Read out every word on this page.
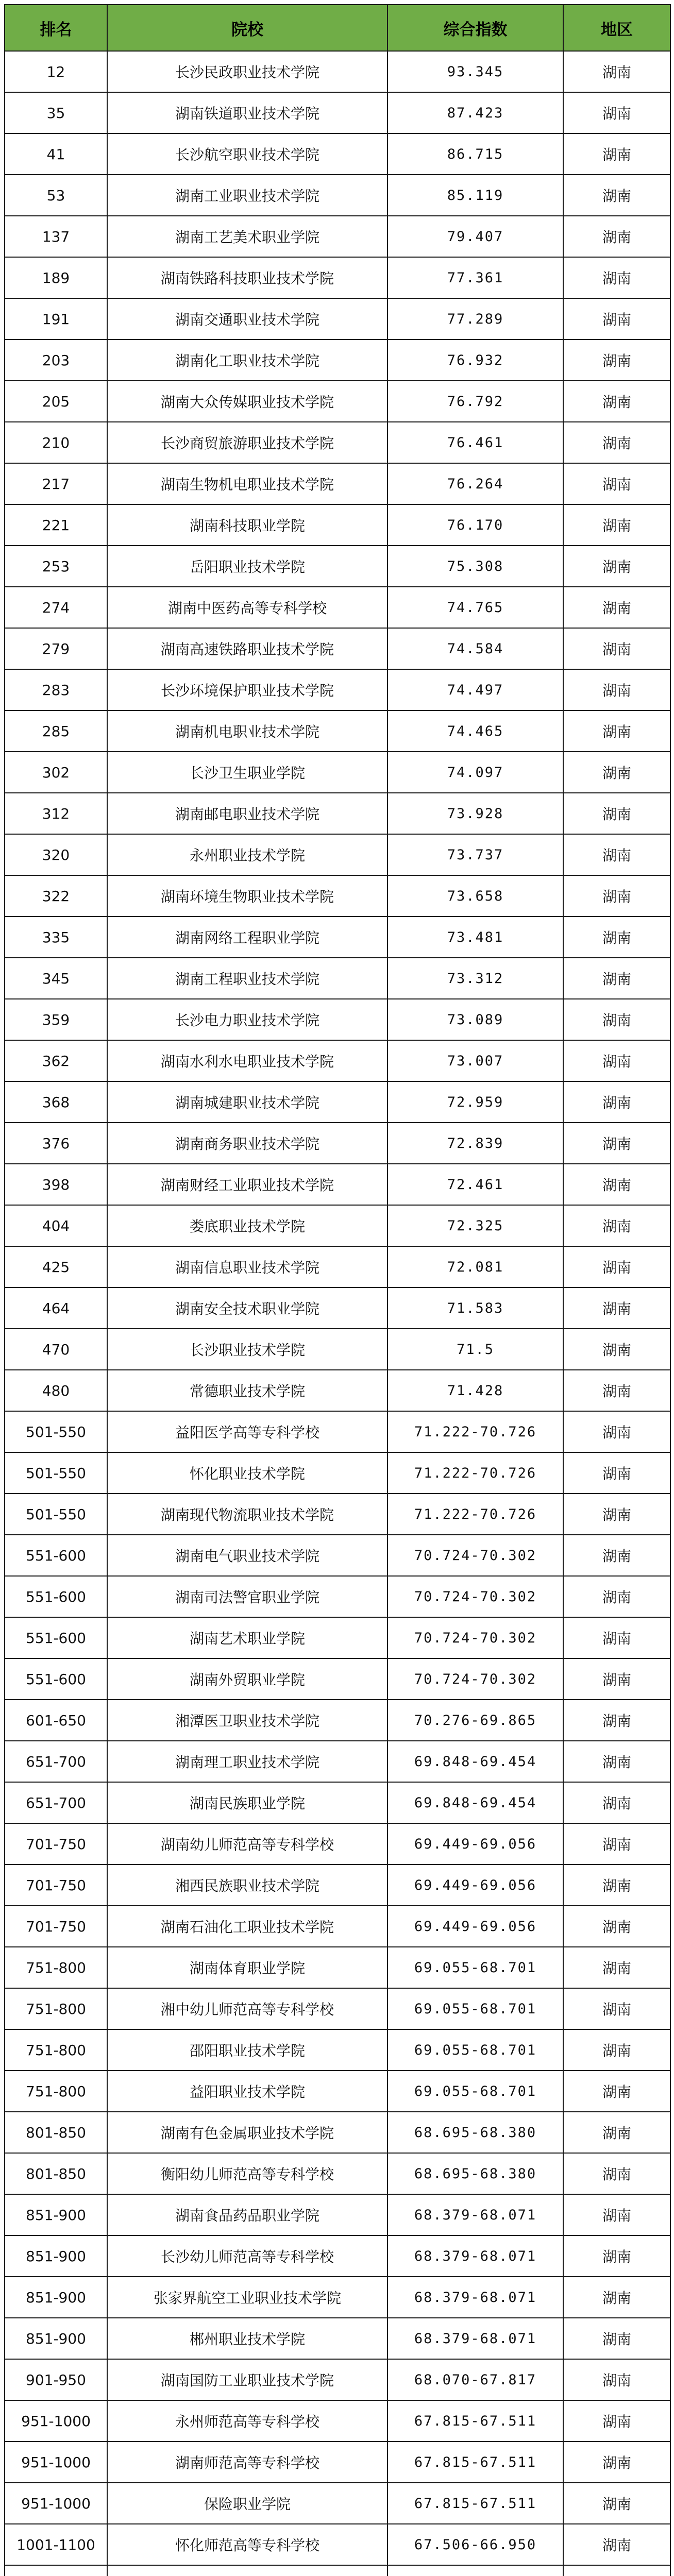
排名	院校	综合指数	地区
12	长沙民政职业技术学院	93.345	湖南
35	湖南铁道职业技术学院	87.423	湖南
41	长沙航空职业技术学院	86.715	湖南
53	湖南工业职业技术学院	85.119	湖南
137	湖南工艺美术职业学院	79.407	湖南
189	湖南铁路科技职业技术学院	77.361	湖南
191	湖南交通职业技术学院	77.289	湖南
203	湖南化工职业技术学院	76.932	湖南
205	湖南大众传媒职业技术学院	76.792	湖南
210	长沙商贸旅游职业技术学院	76.461	湖南
217	湖南生物机电职业技术学院	76.264	湖南
221	湖南科技职业学院	76.170	湖南
253	岳阳职业技术学院	75.308	湖南
274	湖南中医药高等专科学校	74.765	湖南
279	湖南高速铁路职业技术学院	74.584	湖南
283	长沙环境保护职业技术学院	74.497	湖南
285	湖南机电职业技术学院	74.465	湖南
302	长沙卫生职业学院	74.097	湖南
312	湖南邮电职业技术学院	73.928	湖南
320	永州职业技术学院	73.737	湖南
322	湖南环境生物职业技术学院	73.658	湖南
335	湖南网络工程职业学院	73.481	湖南
345	湖南工程职业技术学院	73.312	湖南
359	长沙电力职业技术学院	73.089	湖南
362	湖南水利水电职业技术学院	73.007	湖南
368	湖南城建职业技术学院	72.959	湖南
376	湖南商务职业技术学院	72.839	湖南
398	湖南财经工业职业技术学院	72.461	湖南
404	娄底职业技术学院	72.325	湖南
425	湖南信息职业技术学院	72.081	湖南
464	湖南安全技术职业学院	71.583	湖南
470	长沙职业技术学院	71.5	湖南
480	常德职业技术学院	71.428	湖南
501-550	益阳医学高等专科学校	71.222-70.726	湖南
501-550	怀化职业技术学院	71.222-70.726	湖南
501-550	湖南现代物流职业技术学院	71.222-70.726	湖南
551-600	湖南电气职业技术学院	70.724-70.302	湖南
551-600	湖南司法警官职业学院	70.724-70.302	湖南
551-600	湖南艺术职业学院	70.724-70.302	湖南
551-600	湖南外贸职业学院	70.724-70.302	湖南
601-650	湘潭医卫职业技术学院	70.276-69.865	湖南
651-700	湖南理工职业技术学院	69.848-69.454	湖南
651-700	湖南民族职业学院	69.848-69.454	湖南
701-750	湖南幼儿师范高等专科学校	69.449-69.056	湖南
701-750	湘西民族职业技术学院	69.449-69.056	湖南
701-750	湖南石油化工职业技术学院	69.449-69.056	湖南
751-800	湖南体育职业学院	69.055-68.701	湖南
751-800	湘中幼儿师范高等专科学校	69.055-68.701	湖南
751-800	邵阳职业技术学院	69.055-68.701	湖南
751-800	益阳职业技术学院	69.055-68.701	湖南
801-850	湖南有色金属职业技术学院	68.695-68.380	湖南
801-850	衡阳幼儿师范高等专科学校	68.695-68.380	湖南
851-900	湖南食品药品职业学院	68.379-68.071	湖南
851-900	长沙幼儿师范高等专科学校	68.379-68.071	湖南
851-900	张家界航空工业职业技术学院	68.379-68.071	湖南
851-900	郴州职业技术学院	68.379-68.071	湖南
901-950	湖南国防工业职业技术学院	68.070-67.817	湖南
951-1000	永州师范高等专科学校	67.815-67.511	湖南
951-1000	湖南师范高等专科学校	67.815-67.511	湖南
951-1000	保险职业学院	67.815-67.511	湖南
1001-1100	怀化师范高等专科学校	67.506-66.950	湖南
